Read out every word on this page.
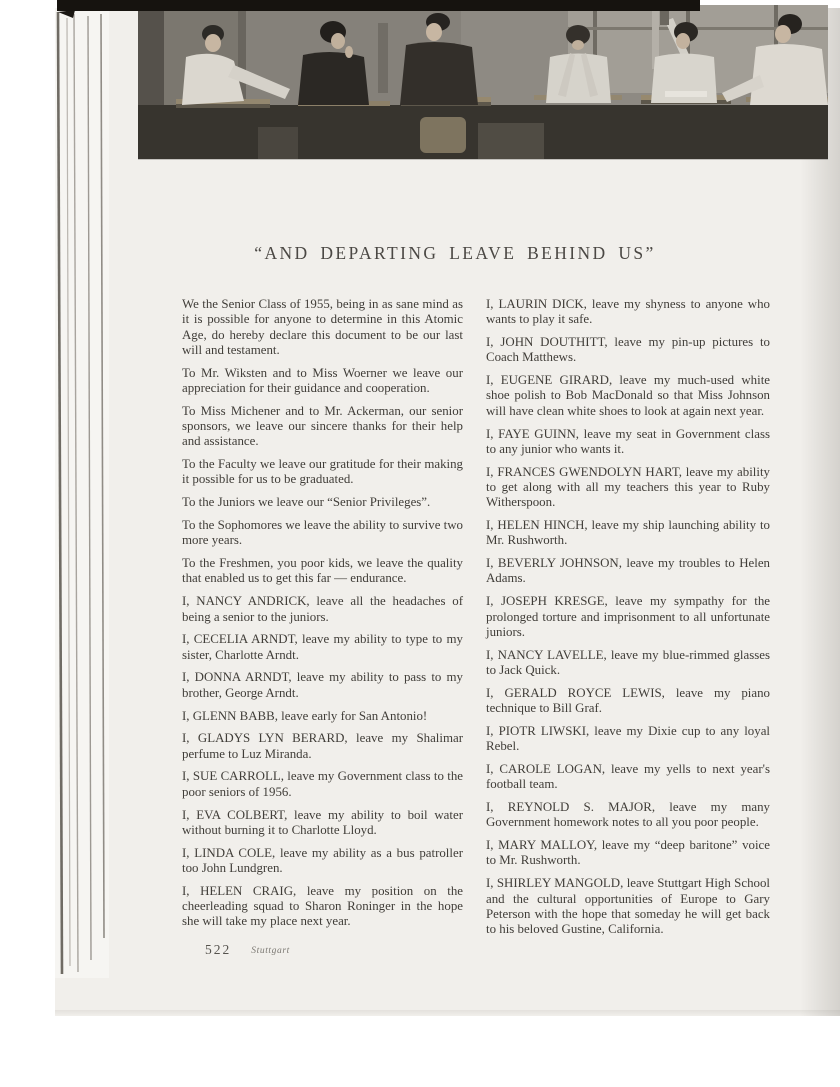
“AND DEPARTING LEAVE BEHIND US”

We the Senior Class of 1955, being in as sane mind as it is possible for anyone to determine in this Atomic Age, do hereby declare this document to be our last will and testament.

To Mr. Wiksten and to Miss Woerner we leave our appreciation for their guidance and cooperation.

To Miss Michener and to Mr. Ackerman, our senior sponsors, we leave our sincere thanks for their help and assistance.

To the Faculty we leave our gratitude for their making it possible for us to be graduated.

To the Juniors we leave our “Senior Privileges”.

To the Sophomores we leave the ability to survive two more years.

To the Freshmen, you poor kids, we leave the quality that enabled us to get this far — endurance.

I, NANCY ANDRICK, leave all the headaches of being a senior to the juniors.

I, CECELIA ARNDT, leave my ability to type to my sister, Charlotte Arndt.

I, DONNA ARNDT, leave my ability to pass to my brother, George Arndt.

I, GLENN BABB, leave early for San Antonio!

I, GLADYS LYN BERARD, leave my Shalimar perfume to Luz Miranda.

I, SUE CARROLL, leave my Government class to the poor seniors of 1956.

I, EVA COLBERT, leave my ability to boil water without burning it to Charlotte Lloyd.

I, LINDA COLE, leave my ability as a bus patroller too John Lundgren.

I, HELEN CRAIG, leave my position on the cheerleading squad to Sharon Roninger in the hope she will take my place next year.

I, LAURIN DICK, leave my shyness to anyone who wants to play it safe.

I, JOHN DOUTHITT, leave my pin-up pictures to Coach Matthews.

I, EUGENE GIRARD, leave my much-used white shoe polish to Bob MacDonald so that Miss Johnson will have clean white shoes to look at again next year.

I, FAYE GUINN, leave my seat in Government class to any junior who wants it.

I, FRANCES GWENDOLYN HART, leave my ability to get along with all my teachers this year to Ruby Witherspoon.

I, HELEN HINCH, leave my ship launching ability to Mr. Rushworth.

I, BEVERLY JOHNSON, leave my troubles to Helen Adams.

I, JOSEPH KRESGE, leave my sympathy for the prolonged torture and imprisonment to all unfortunate juniors.

I, NANCY LAVELLE, leave my blue-rimmed glasses to Jack Quick.

I, GERALD ROYCE LEWIS, leave my piano technique to Bill Graf.

I, PIOTR LIWSKI, leave my Dixie cup to any loyal Rebel.

I, CAROLE LOGAN, leave my yells to next year's football team.

I, REYNOLD S. MAJOR, leave my many Government homework notes to all you poor people.

I, MARY MALLOY, leave my “deep baritone” voice to Mr. Rushworth.

I, SHIRLEY MANGOLD, leave Stuttgart High School and the cultural opportunities of Europe to Gary Peterson with the hope that someday he will get back to his beloved Gustine, California.

522 Stuttgart
